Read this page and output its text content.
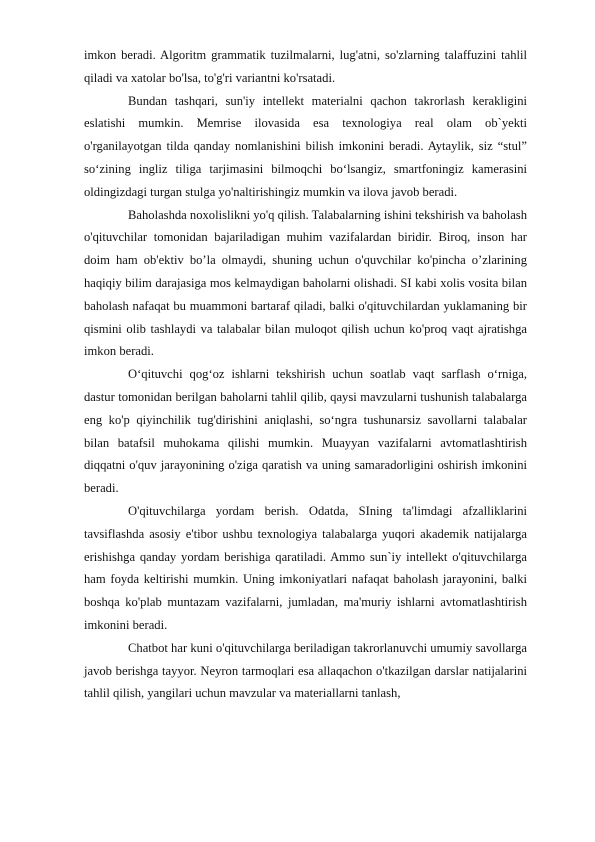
imkon beradi. Algoritm grammatik tuzilmalarni, lug'atni, so'zlarning talaffuzini tahlil qiladi va xatolar bo'lsa, to'g'ri variantni ko'rsatadi.

Bundan tashqari, sun'iy intellekt materialni qachon takrorlash kerakligini eslatishi mumkin. Memrise ilovasida esa texnologiya real olam ob`yekti o'rganilayotgan tilda qanday nomlanishini bilish imkonini beradi. Aytaylik, siz “stul” so‘zining ingliz tiliga tarjimasini bilmoqchi bo‘lsangiz, smartfoningiz kamerasini oldingizdagi turgan stulga yo'naltirishingiz mumkin va ilova javob beradi.

Baholashda noxolislikni yo'q qilish. Talabalarning ishini tekshirish va baholash o'qituvchilar tomonidan bajariladigan muhim vazifalardan biridir. Biroq, inson har doim ham ob'ektiv bo’la olmaydi, shuning uchun o'quvchilar ko'pincha o’zlarining haqiqiy bilim darajasiga mos kelmaydigan baholarni olishadi. SI kabi xolis vosita bilan baholash nafaqat bu muammoni bartaraf qiladi, balki o'qituvchilardan yuklamaning bir qismini olib tashlaydi va talabalar bilan muloqot qilish uchun ko'proq vaqt ajratishga imkon beradi.

O‘qituvchi qog‘oz ishlarni tekshirish uchun soatlab vaqt sarflash o‘rniga, dastur tomonidan berilgan baholarni tahlil qilib, qaysi mavzularni tushunish talabalarga eng ko'p qiyinchilik tug'dirishini aniqlashi, so‘ngra tushunarsiz savollarni talabalar bilan batafsil muhokama qilishi mumkin. Muayyan vazifalarni avtomatlashtirish diqqatni o'quv jarayonining o'ziga qaratish va uning samaradorligini oshirish imkonini beradi.

O'qituvchilarga yordam berish. Odatda, SIning ta'limdagi afzalliklarini tavsiflashda asosiy e'tibor ushbu texnologiya talabalarga yuqori akademik natijalarga erishishga qanday yordam berishiga qaratiladi. Ammo sun`iy intellekt o'qituvchilarga ham foyda keltirishi mumkin. Uning imkoniyatlari nafaqat baholash jarayonini, balki boshqa ko'plab muntazam vazifalarni, jumladan, ma'muriy ishlarni avtomatlashtirish imkonini beradi.

Chatbot har kuni o'qituvchilarga beriladigan takrorlanuvchi umumiy savollarga javob berishga tayyor. Neyron tarmoqlari esa allaqachon o'tkazilgan darslar natijalarini tahlil qilish, yangilari uchun mavzular va materiallarni tanlash,
